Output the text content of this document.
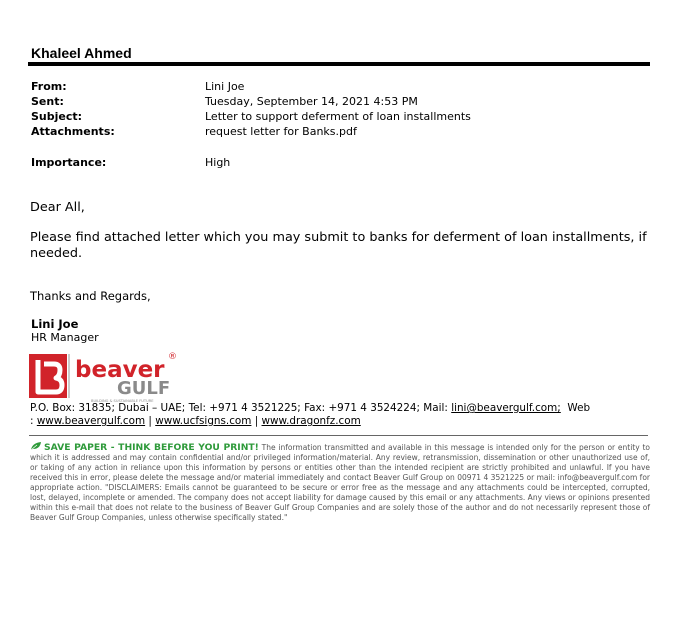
Khaleel Ahmed
From:	Lini Joe
Sent:	Tuesday, September 14, 2021 4:53 PM
Subject:	Letter to support deferment of loan installments
Attachments:	request letter for Banks.pdf
Importance:	High
Dear All,
Please find attached letter which you may submit to banks for deferment of loan installments, if needed.
Thanks and Regards,
Lini Joe
HR Manager
beaver ®
GULF
BUILDING & SUSTAINABLE FUTURE
P.O. Box: 31835; Dubai – UAE; Tel: +971 4 3521225; Fax: +971 4 3524224; Mail: lini@beavergulf.com;  Web
: www.beavergulf.com | www.ucfsigns.com | www.dragonfz.com
SAVE PAPER - THINK BEFORE YOU PRINT! The information transmitted and available in this message is intended only for the person or entity to which it is addressed and may contain confidential and/or privileged information/material. Any review, retransmission, dissemination or other unauthorized use of, or taking of any action in reliance upon this information by persons or entities other than the intended recipient are strictly prohibited and unlawful. If you have received this in error, please delete the message and/or material immediately and contact Beaver Gulf Group on 00971 4 3521225 or mail: info@beavergulf.com for appropriate action. "DISCLAIMERS: Emails cannot be guaranteed to be secure or error free as the message and any attachments could be intercepted, corrupted, lost, delayed, incomplete or amended. The company does not accept liability for damage caused by this email or any attachments. Any views or opinions presented within this e-mail that does not relate to the business of Beaver Gulf Group Companies and are solely those of the author and do not necessarily represent those of Beaver Gulf Group Companies, unless otherwise specifically stated."
